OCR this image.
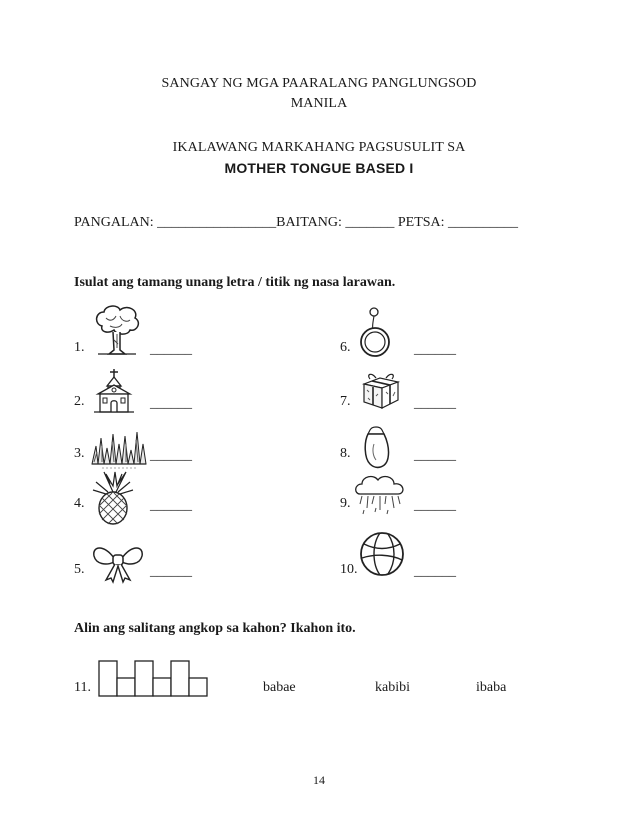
SANGAY NG MGA PAARALANG PANGLUNGSOD
MANILA
IKALAWANG MARKAHANG PAGSUSULIT SA
MOTHER TONGUE BASED I
PANGALAN: _________________BAITANG: _______ PETSA: __________
Isulat ang tamang unang letra / titik ng nasa larawan.
1.	______
2.	______
3.	______
4.	______
5.	______
6.	______
7.	______
8.	______
9.	______
10.	______
Alin ang salitang angkop sa kahon? Ikahon ito.
11.	babae	kabibi	ibaba
14
